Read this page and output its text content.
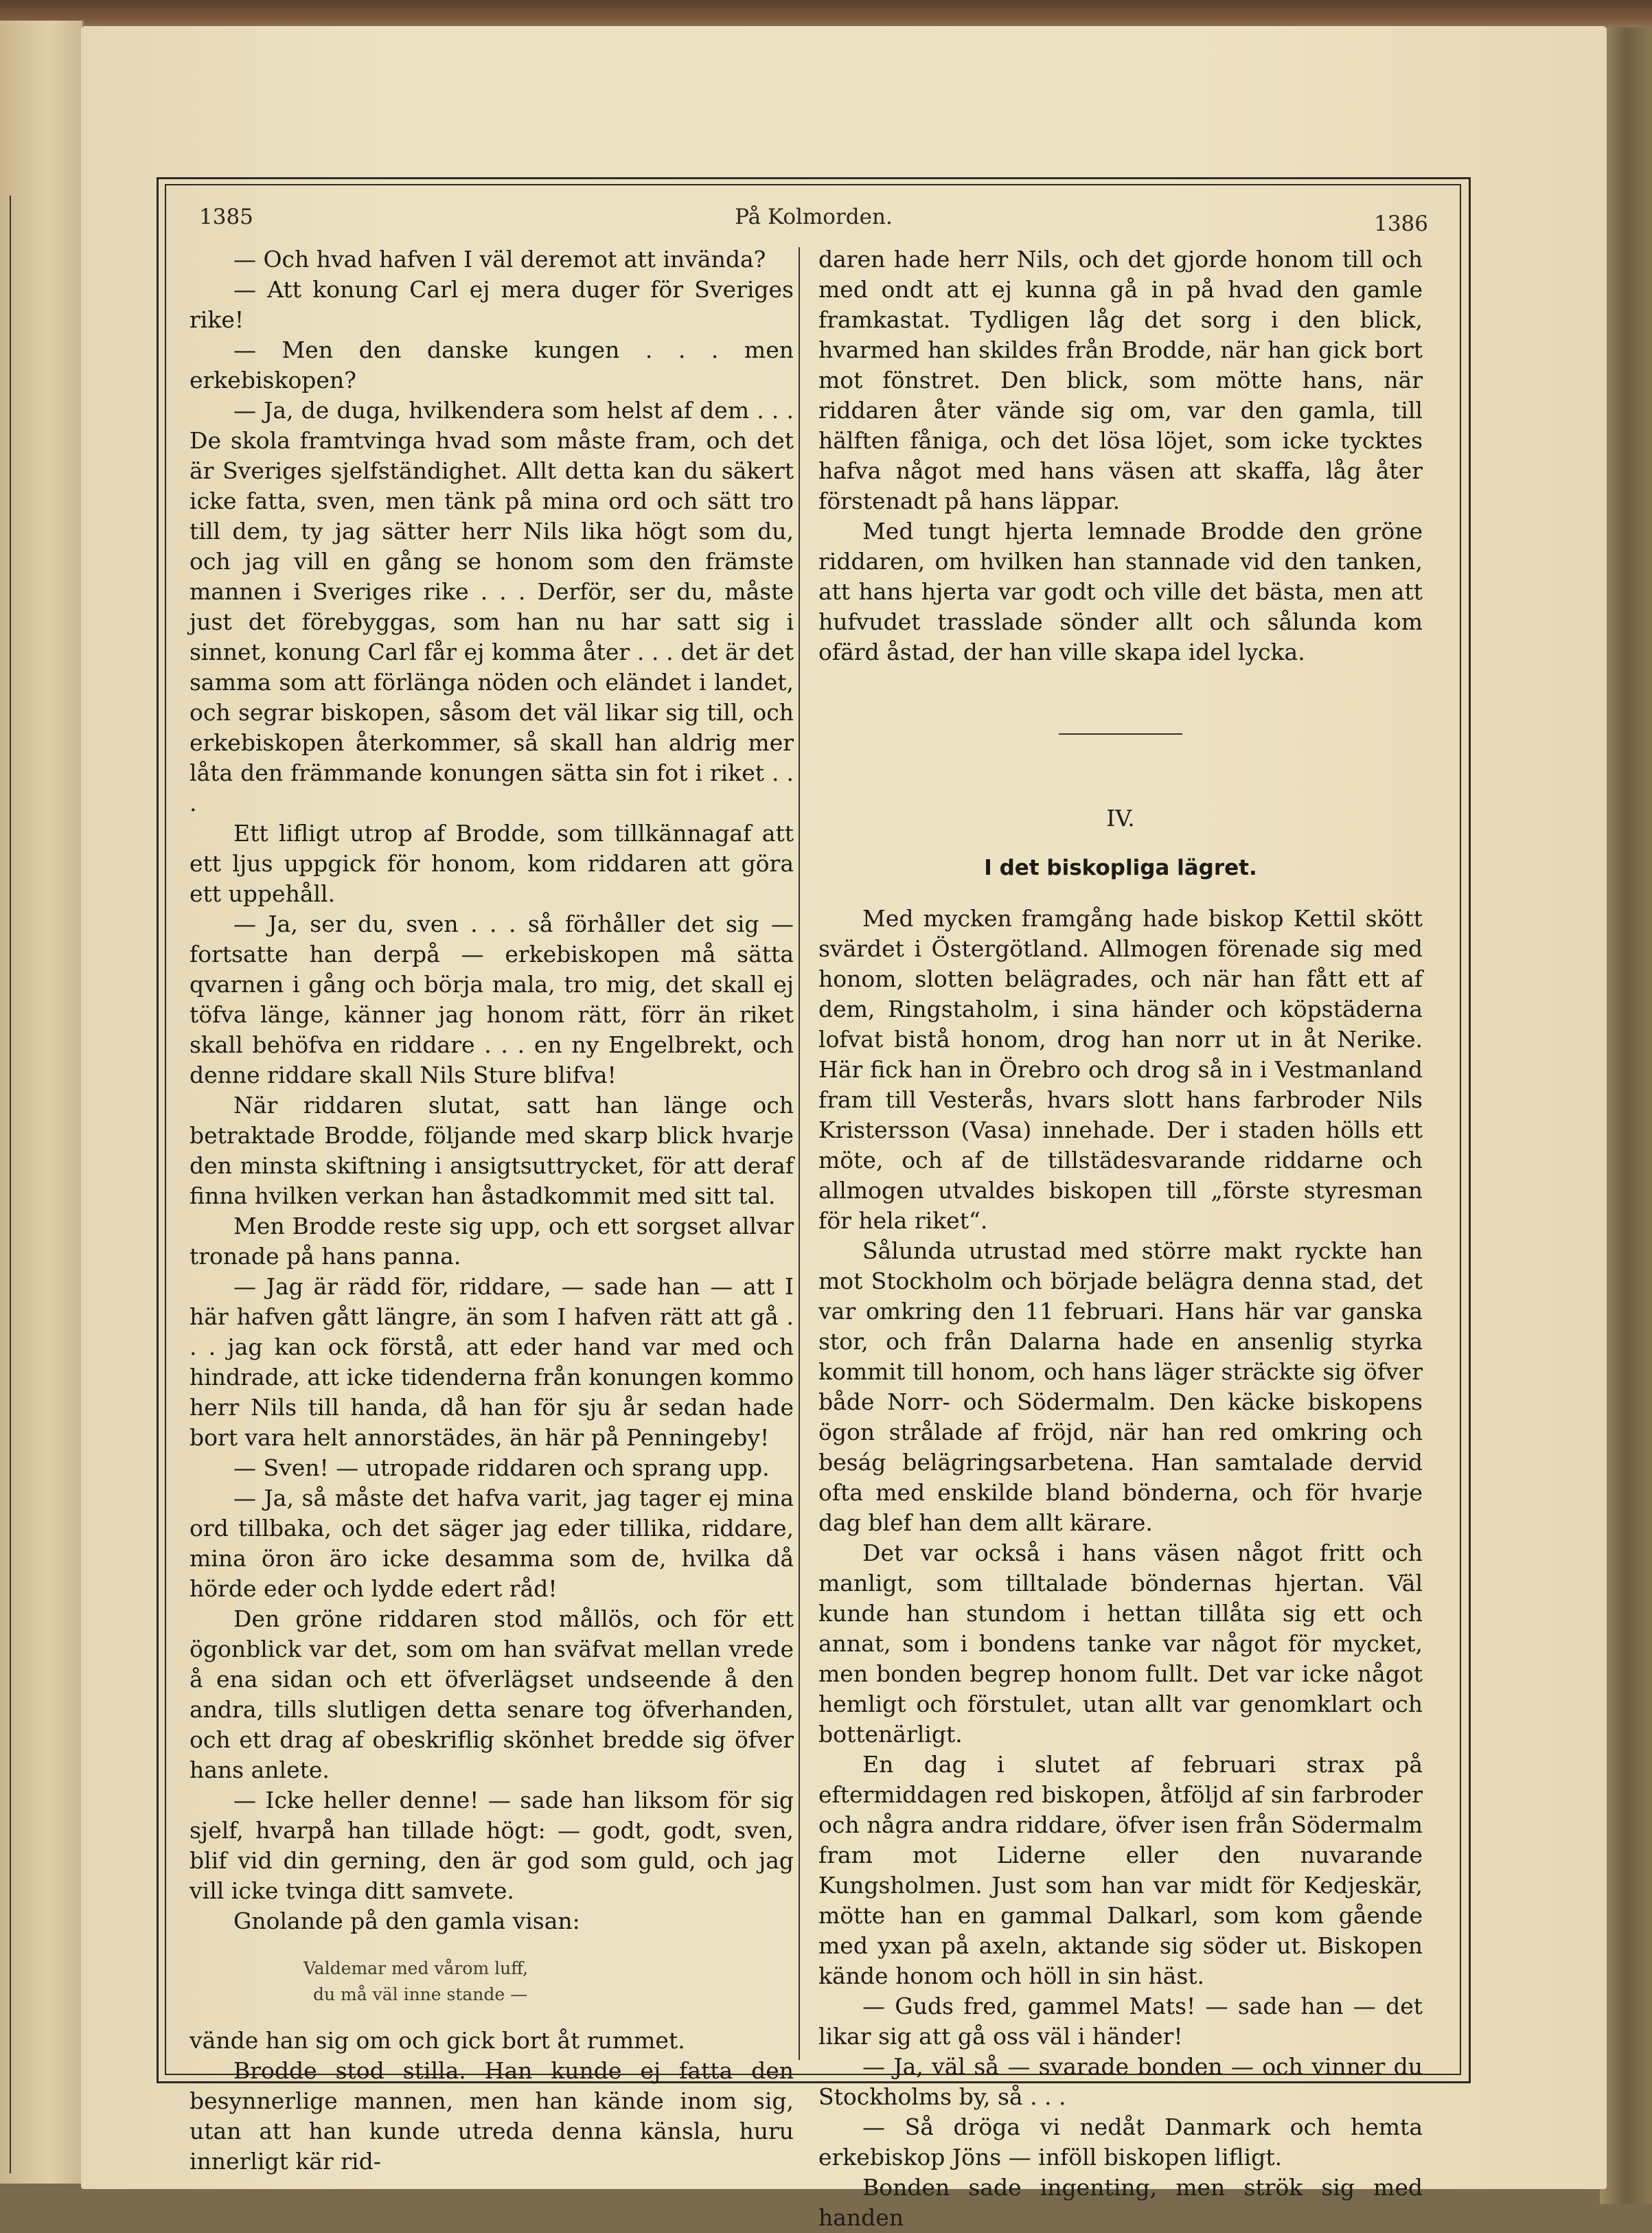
1385	På Kolmorden.	1386

— Och hvad hafven I väl deremot att invända?

— Att konung Carl ej mera duger för Sveriges rike!

— Men den danske kungen . . . men erkebiskopen?

— Ja, de duga, hvilkendera som helst af dem . . . De skola framtvinga hvad som måste fram, och det är Sveriges sjelfständighet. Allt detta kan du säkert icke fatta, sven, men tänk på mina ord och sätt tro till dem, ty jag sätter herr Nils lika högt som du, och jag vill en gång se honom som den främste mannen i Sveriges rike . . . Derför, ser du, måste just det förebyggas, som han nu har satt sig i sinnet, konung Carl får ej komma åter . . . det är det samma som att förlänga nöden och eländet i landet, och segrar biskopen, såsom det väl likar sig till, och erkebiskopen återkommer, så skall han aldrig mer låta den främmande konungen sätta sin fot i riket . . .

Ett lifligt utrop af Brodde, som tillkännagaf att ett ljus uppgick för honom, kom riddaren att göra ett uppehåll.

— Ja, ser du, sven . . . så förhåller det sig — fortsatte han derpå — erkebiskopen må sätta qvarnen i gång och börja mala, tro mig, det skall ej töfva länge, känner jag honom rätt, förr än riket skall behöfva en riddare . . . en ny Engelbrekt, och denne riddare skall Nils Sture blifva!

När riddaren slutat, satt han länge och betraktade Brodde, följande med skarp blick hvarje den minsta skiftning i ansigtsuttrycket, för att deraf finna hvilken verkan han åstadkommit med sitt tal.

Men Brodde reste sig upp, och ett sorgset allvar tronade på hans panna.

— Jag är rädd för, riddare, — sade han — att I här hafven gått längre, än som I hafven rätt att gå . . . jag kan ock förstå, att eder hand var med och hindrade, att icke tidenderna från konungen kommo herr Nils till handa, då han för sju år sedan hade bort vara helt annorstädes, än här på Penningeby!

— Sven! — utropade riddaren och sprang upp.

— Ja, så måste det hafva varit, jag tager ej mina ord tillbaka, och det säger jag eder tillika, riddare, mina öron äro icke desamma som de, hvilka då hörde eder och lydde edert råd!

Den gröne riddaren stod mållös, och för ett ögonblick var det, som om han sväfvat mellan vrede å ena sidan och ett öfverlägset undseende å den andra, tills slutligen detta senare tog öfverhanden, och ett drag af obeskriflig skönhet bredde sig öfver hans anlete.

— Icke heller denne! — sade han liksom för sig sjelf, hvarpå han tillade högt: — godt, godt, sven, blif vid din gerning, den är god som guld, och jag vill icke tvinga ditt samvete.

Gnolande på den gamla visan:

Valdemar med vårom luff,
du må väl inne stande —

vände han sig om och gick bort åt rummet.

Brodde stod stilla. Han kunde ej fatta den besynnerlige mannen, men han kände inom sig, utan att han kunde utreda denna känsla, huru innerligt kär rid-

daren hade herr Nils, och det gjorde honom till och med ondt att ej kunna gå in på hvad den gamle framkastat. Tydligen låg det sorg i den blick, hvarmed han skildes från Brodde, när han gick bort mot fönstret. Den blick, som mötte hans, när riddaren åter vände sig om, var den gamla, till hälften fåniga, och det lösa löjet, som icke tycktes hafva något med hans väsen att skaffa, låg åter förstenadt på hans läppar.

Med tungt hjerta lemnade Brodde den gröne riddaren, om hvilken han stannade vid den tanken, att hans hjerta var godt och ville det bästa, men att hufvudet trasslade sönder allt och sålunda kom ofärd åstad, der han ville skapa idel lycka.

IV.
I det biskopliga lägret.

Med mycken framgång hade biskop Kettil skött svärdet i Östergötland. Allmogen förenade sig med honom, slotten belägrades, och när han fått ett af dem, Ringstaholm, i sina händer och köpstäderna lofvat bistå honom, drog han norr ut in åt Nerike. Här fick han in Örebro och drog så in i Vestmanland fram till Vesterås, hvars slott hans farbroder Nils Kristersson (Vasa) innehade. Der i staden hölls ett möte, och af de tillstädesvarande riddarne och allmogen utvaldes biskopen till „förste styresman för hela riket“.

Sålunda utrustad med större makt ryckte han mot Stockholm och började belägra denna stad, det var omkring den 11 februari. Hans här var ganska stor, och från Dalarna hade en ansenlig styrka kommit till honom, och hans läger sträckte sig öfver både Norr- och Södermalm. Den käcke biskopens ögon strålade af fröjd, när han red omkring och beság belägringsarbetena. Han samtalade dervid ofta med enskilde bland bönderna, och för hvarje dag blef han dem allt kärare.

Det var också i hans väsen något fritt och manligt, som tilltalade böndernas hjertan. Väl kunde han stundom i hettan tillåta sig ett och annat, som i bondens tanke var något för mycket, men bonden begrep honom fullt. Det var icke något hemligt och förstulet, utan allt var genomklart och bottenärligt.

En dag i slutet af februari strax på eftermiddagen red biskopen, åtföljd af sin farbroder och några andra riddare, öfver isen från Södermalm fram mot Liderne eller den nuvarande Kungsholmen. Just som han var midt för Kedjeskär, mötte han en gammal Dalkarl, som kom gående med yxan på axeln, aktande sig söder ut. Biskopen kände honom och höll in sin häst.

— Guds fred, gammel Mats! — sade han — det likar sig att gå oss väl i händer!

— Ja, väl så — svarade bonden — och vinner du Stockholms by, så . . .

— Så dröga vi nedåt Danmark och hemta erkebiskop Jöns — inföll biskopen lifligt.

Bonden sade ingenting, men strök sig med handen
